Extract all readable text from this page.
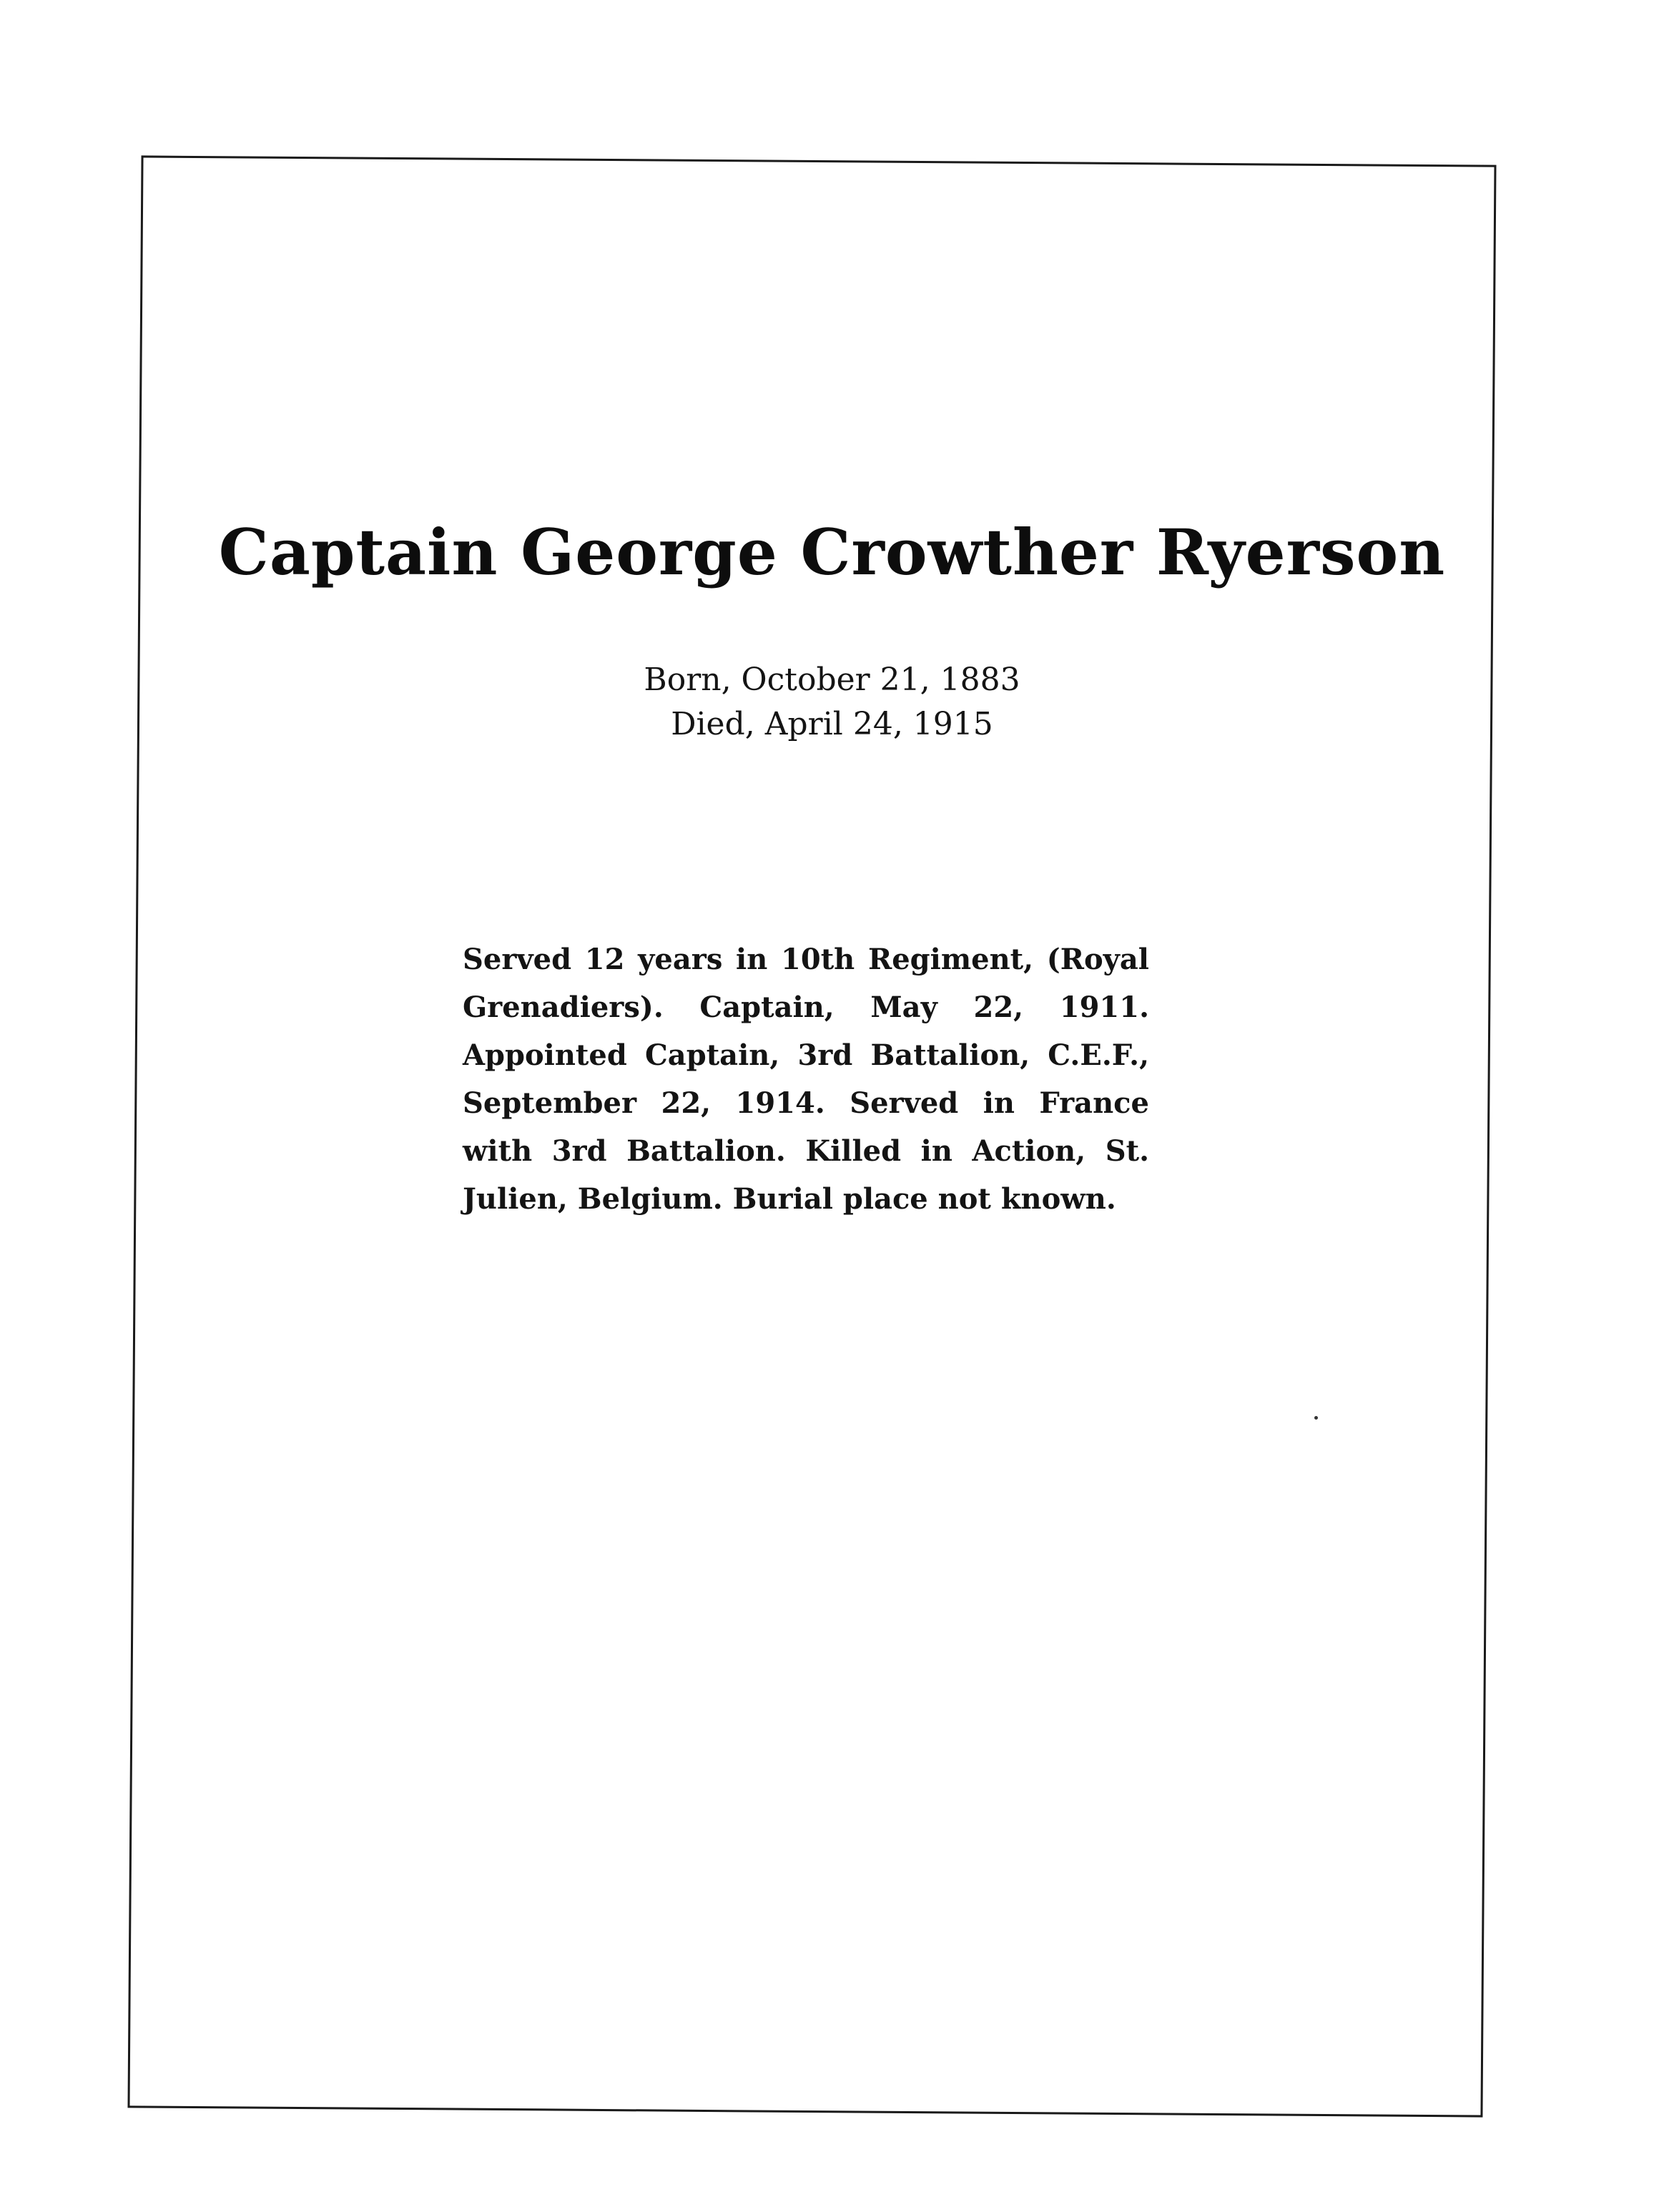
Captain George Crowther Ryerson
Born, October 21, 1883
Died, April 24, 1915
Served 12 years in 10th Regiment, (Royal Grenadiers). Captain, May 22, 1911. Appointed Captain, 3rd Battalion, C.E.F., September 22, 1914. Served in France with 3rd Battalion. Killed in Action, St. Julien, Belgium. Burial place not known.
